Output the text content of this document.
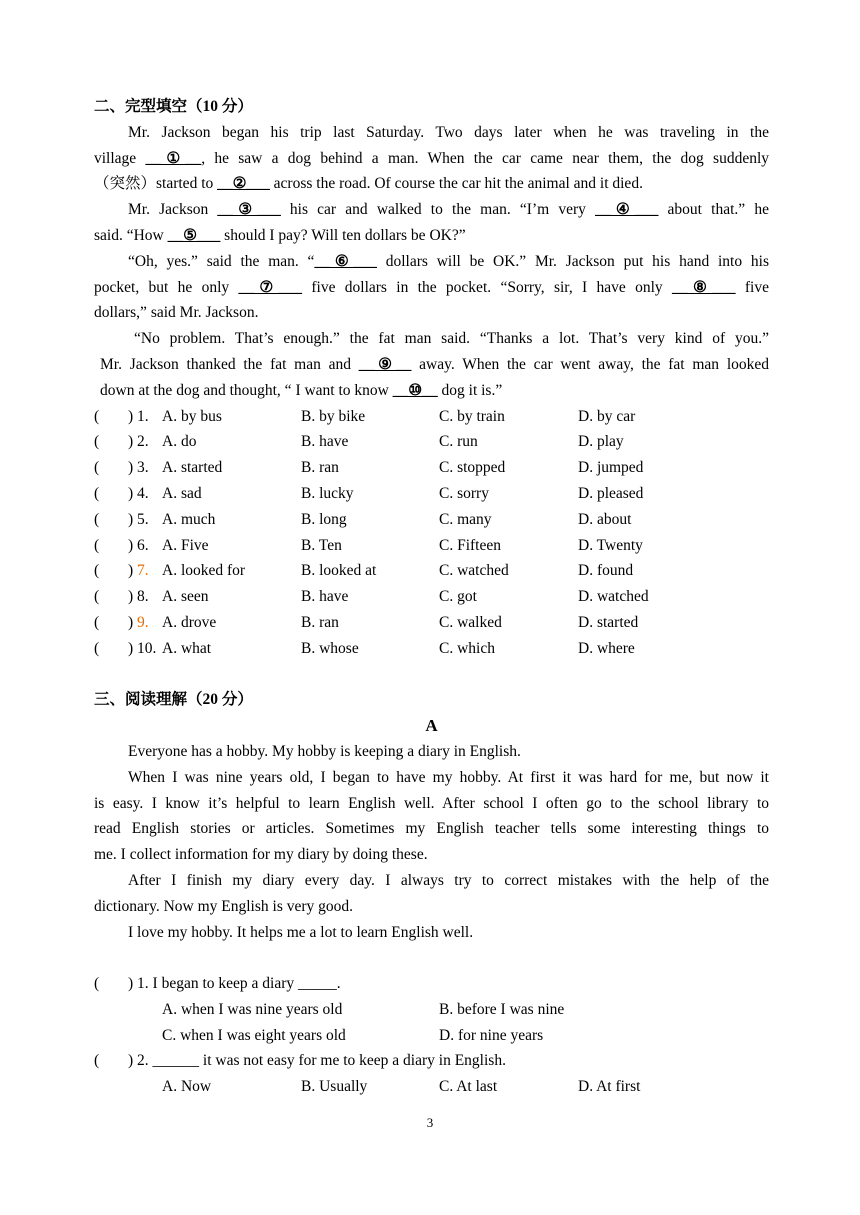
二、完型填空（10 分）
Mr. Jackson began his trip last Saturday. Two days later when he was traveling in the
village __①__, he saw a dog behind a man. When the car came near them, the dog suddenly
（突然）started to __②___ across the road. Of course the car hit the animal and it died.
Mr. Jackson __③___ his car and walked to the man. “I’m very __④___ about that.” he
said. “How __⑤___ should I pay? Will ten dollars be OK?”
“Oh, yes.” said the man. “__⑥___ dollars will be OK.” Mr. Jackson put his hand into his
pocket, but he only __⑦___ five dollars in the pocket. “Sorry, sir, I have only __⑧___ five
dollars,” said Mr. Jackson.
“No problem. That’s enough.” the fat man said. “Thanks a lot. That’s very kind of you.”
Mr. Jackson thanked the fat man and __⑨__ away. When the car went away, the fat man looked
down at the dog and thought, “ I want to know __⑩__ dog it is.”
( ) 1. A. by bus	B. by bike	C. by train	D. by car
( ) 2. A. do	B. have	C. run	D. play
( ) 3. A. started	B. ran	C. stopped	D. jumped
( ) 4. A. sad	B. lucky	C. sorry	D. pleased
( ) 5. A. much	B. long	C. many	D. about
( ) 6. A. Five	B. Ten	C. Fifteen	D. Twenty
( ) 7. A. looked for	B. looked at	C. watched	D. found
( ) 8. A. seen	B. have	C. got	D. watched
( ) 9. A. drove	B. ran	C. walked	D. started
( ) 10. A. what	B. whose	C. which	D. where
三、阅读理解（20 分）
A
Everyone has a hobby. My hobby is keeping a diary in English.
When I was nine years old, I began to have my hobby. At first it was hard for me, but now it
is easy. I know it’s helpful to learn English well. After school I often go to the school library to
read English stories or articles. Sometimes my English teacher tells some interesting things to
me. I collect information for my diary by doing these.
After I finish my diary every day. I always try to correct mistakes with the help of the
dictionary. Now my English is very good.
I love my hobby. It helps me a lot to learn English well.
( ) 1. I began to keep a diary _____.
A. when I was nine years old	B. before I was nine
C. when I was eight years old	D. for nine years
( ) 2. ______ it was not easy for me to keep a diary in English.
A. Now	B. Usually	C. At last	D. At first
3
